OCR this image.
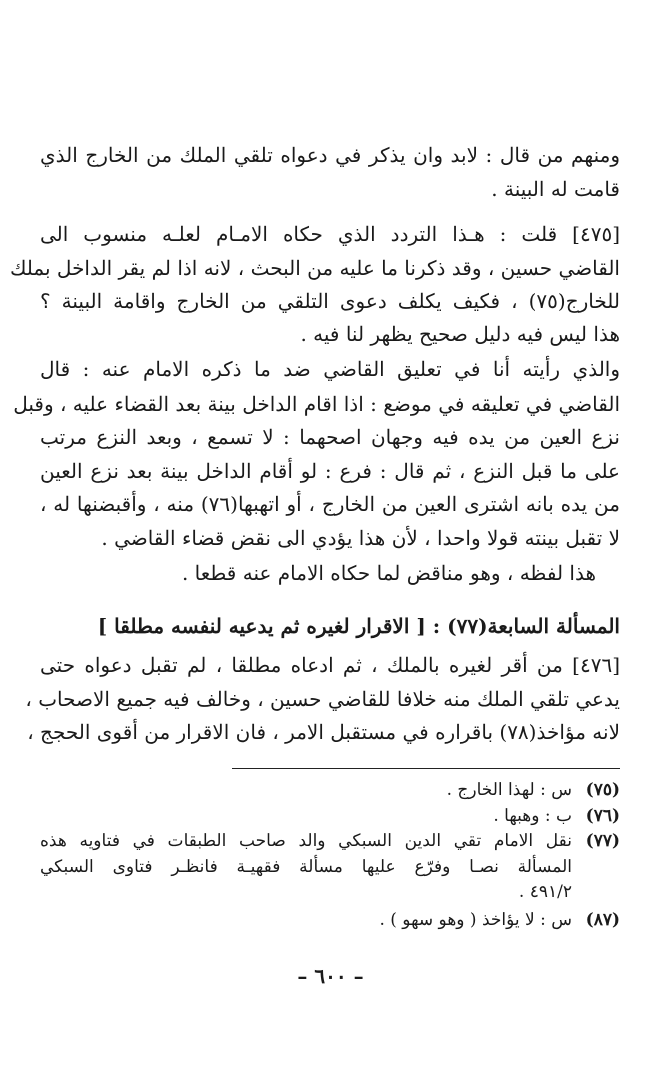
ومنهم من قال : لابد وان يذكر في دعواه تلقي الملك من الخارج الذي
قامت له البينة .
[٤٧٥] قلت : هـذا التردد الذي حكاه الامـام لعلـه منسوب الى
القاضي حسين ، وقد ذكرنا ما عليه من البحث ، لانه اذا لم يقر الداخل بملك
للخارج(٧٥) ، فكيف يكلف دعوى التلقي من الخارج واقامة البينة ؟
هذا ليس فيه دليل صحيح يظهر لنا فيه .
والذي رأيته أنا في تعليق القاضي ضد ما ذكره الامام عنه : قال
القاضي في تعليقه في موضع : اذا اقام الداخل بينة بعد القضاء عليه ، وقبل
نزع العين من يده فيه وجهان اصحهما : لا تسمع ، وبعد النزع مرتب
على ما قبل النزع ، ثم قال : فرع : لو أقام الداخل بينة بعد نزع العين
من يده بانه اشترى العين من الخارج ، أو اتهبها(٧٦) منه ، وأقبضنها له ،
لا تقبل بينته قولا واحدا ، لأن هذا يؤدي الى نقض قضاء القاضي .
هذا لفظه ، وهو مناقض لما حكاه الامام عنه قطعا .
المسألة السابعة(٧٧) : [ الاقرار لغيره ثم يدعيه لنفسه مطلقا ]
[٤٧٦] من أقر لغيره بالملك ، ثم ادعاه مطلقا ، لم تقبل دعواه حتى
يدعي تلقي الملك منه خلافا للقاضي حسين ، وخالف فيه جميع الاصحاب ،
لانه مؤاخذ(٧٨) باقراره في مستقبل الامر ، فان الاقرار من أقوى الحجج ،
(٧٥)س : لهذا الخارج .
(٧٦)ب : وهبها .
(٧٧)نقل الامام تقي الدين السبكي والد صاحب الطبقات في فتاويه هذه
المسألة نصـا وفرّع عليها مسألة فقهيـة فانظـر فتاوى السبكي
٤٩١/٢ .
(٨٧)س : لا يؤاخذ ( وهو سهو ) .
– ٦٠٠ –
